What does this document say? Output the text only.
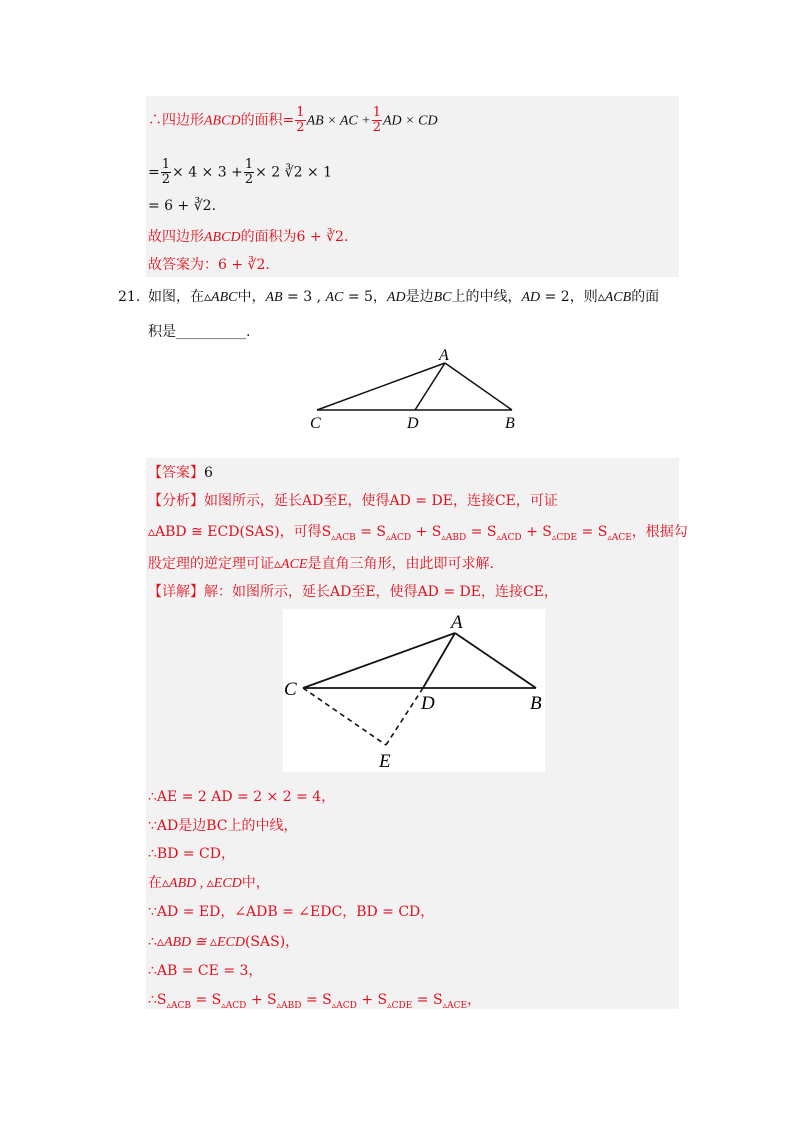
∴四边形ABCD的面积= $\frac{1}{2}$ AB × AC + $\frac{1}{2}$ AD × CD
= $\frac{1}{2} \times 4 \times 3 + \frac{1}{2} \times 2$ ∛2 × 1
= 6 + ∛2.
故四边形ABCD的面积为6 + ∛2.
故答案为：6 + ∛2.
21. 如图，在▵ABC中，AB = 3 , AC = 5，AD是边BC上的中线，AD = 2，则▵ACB的面
积是__________.
A
C	D	B
【答案】6
【分析】如图所示，延长AD至E，使得AD = DE，连接CE，可证
▵ABD ≅ ECD(SAS)，可得$S_{▵ACB} = S_{▵ACD} + S_{▵ABD} = S_{▵ACD} + S_{▵CDE} = S_{▵ACE}$，根据勾
股定理的逆定理可证▵ACE是直角三角形，由此即可求解.
【详解】解：如图所示，延长AD至E，使得AD = DE，连接CE，
A
C
D	B
E
∴AE = 2 AD = 2 × 2 = 4，
∵AD是边BC上的中线，
∴BD = CD，
在▵ABD , ▵ECD中，
∵AD = ED，∠ADB = ∠EDC，BD = CD，
∴▵ABD ≅ ▵ECD(SAS)，
∴AB = CE = 3，
$\therefore S_{▵ACB} = S_{▵ACD} + S_{▵ABD} = S_{▵ACD} + S_{▵CDE} = S_{▵ACE}$，
